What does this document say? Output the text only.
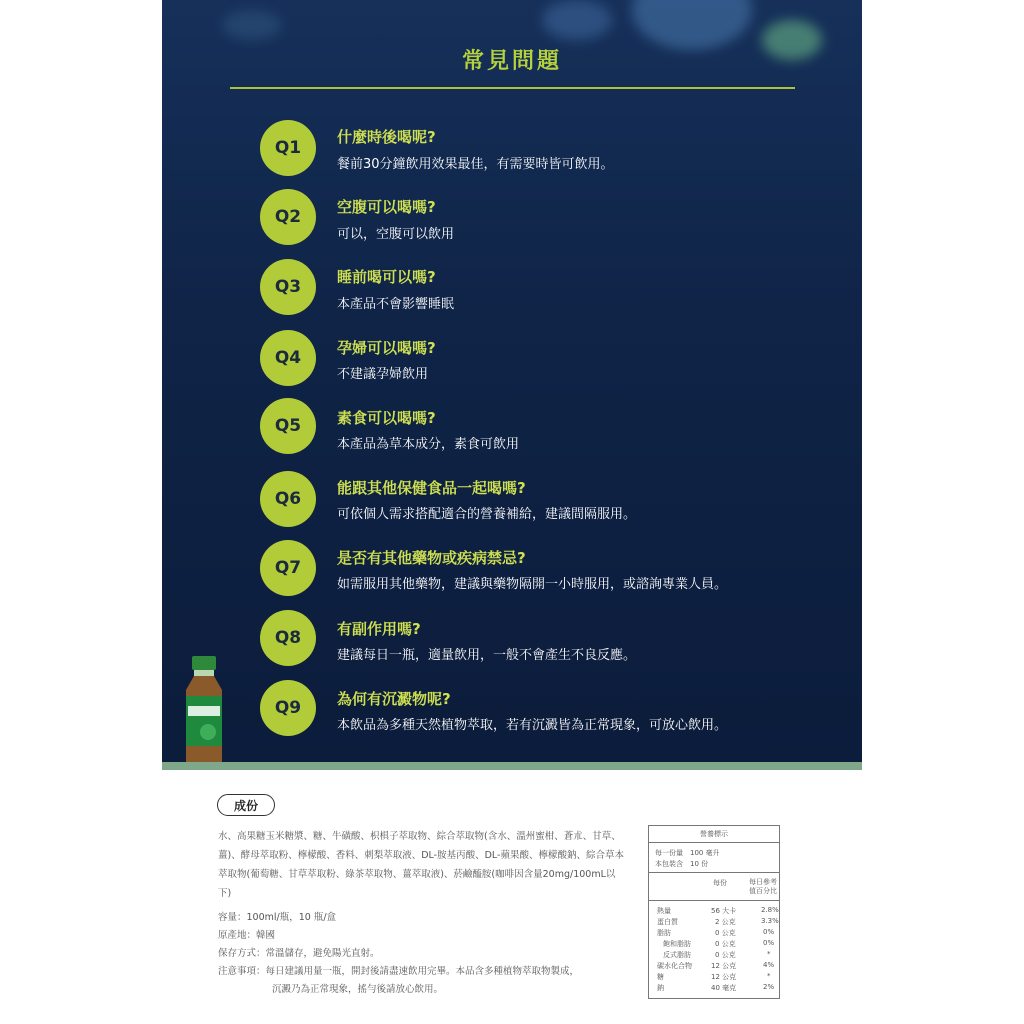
常見問題
Q1
什麼時後喝呢?
餐前30分鐘飲用效果最佳，有需要時皆可飲用。
Q2	空腹可以喝嗎?
可以，空腹可以飲用
Q3	睡前喝可以嗎?
本產品不會影響睡眠
Q4	孕婦可以喝嗎?
不建議孕婦飲用
Q5	素食可以喝嗎?
本產品為草本成分，素食可飲用
Q6
能跟其他保健食品一起喝嗎?
可依個人需求搭配適合的營養補給，建議間隔服用。
Q7	是否有其他藥物或疾病禁忌?
如需服用其他藥物，建議與藥物隔開一小時服用，或諮詢專業人員。
Q8	有副作用嗎?
建議每日一瓶，適量飲用，一般不會產生不良反應。
Q9	為何有沉澱物呢?
本飲品為多種天然植物萃取，若有沉澱皆為正常現象，可放心飲用。
成份
水、高果糖玉米糖漿、糖、牛磺酸、枳椇子萃取物、綜合萃取物(含水、溫州蜜柑、蒼朮、甘草、薑)、酵母萃取粉、檸檬酸、香料、刺梨萃取液、DL-胺基丙酸、DL-蘋果酸、檸檬酸鈉、綜合草本萃取物(葡萄糖、甘草萃取粉、綠茶萃取物、薑萃取液)、菸鹼醯胺(咖啡因含量20mg/100mL以下)
容量：100ml/瓶，10 瓶/盒
原產地：韓國
保存方式：常溫儲存，避免陽光直射。
注意事項：每日建議用量一瓶，開封後請盡速飲用完畢。本品含多種植物萃取物製成，
沉澱乃為正常現象，搖勻後請放心飲用。
營養標示
每一份量　100 毫升
本包裝含　10 份
每份	每日參考值百分比
熱量	56 大卡	2.8%
蛋白質	2 公克	3.3%
脂肪	0 公克	0%
飽和脂肪	0 公克	0%
反式脂肪	0 公克	*
碳水化合物	12 公克	4%
糖	12 公克	*
鈉	40 毫克	2%
